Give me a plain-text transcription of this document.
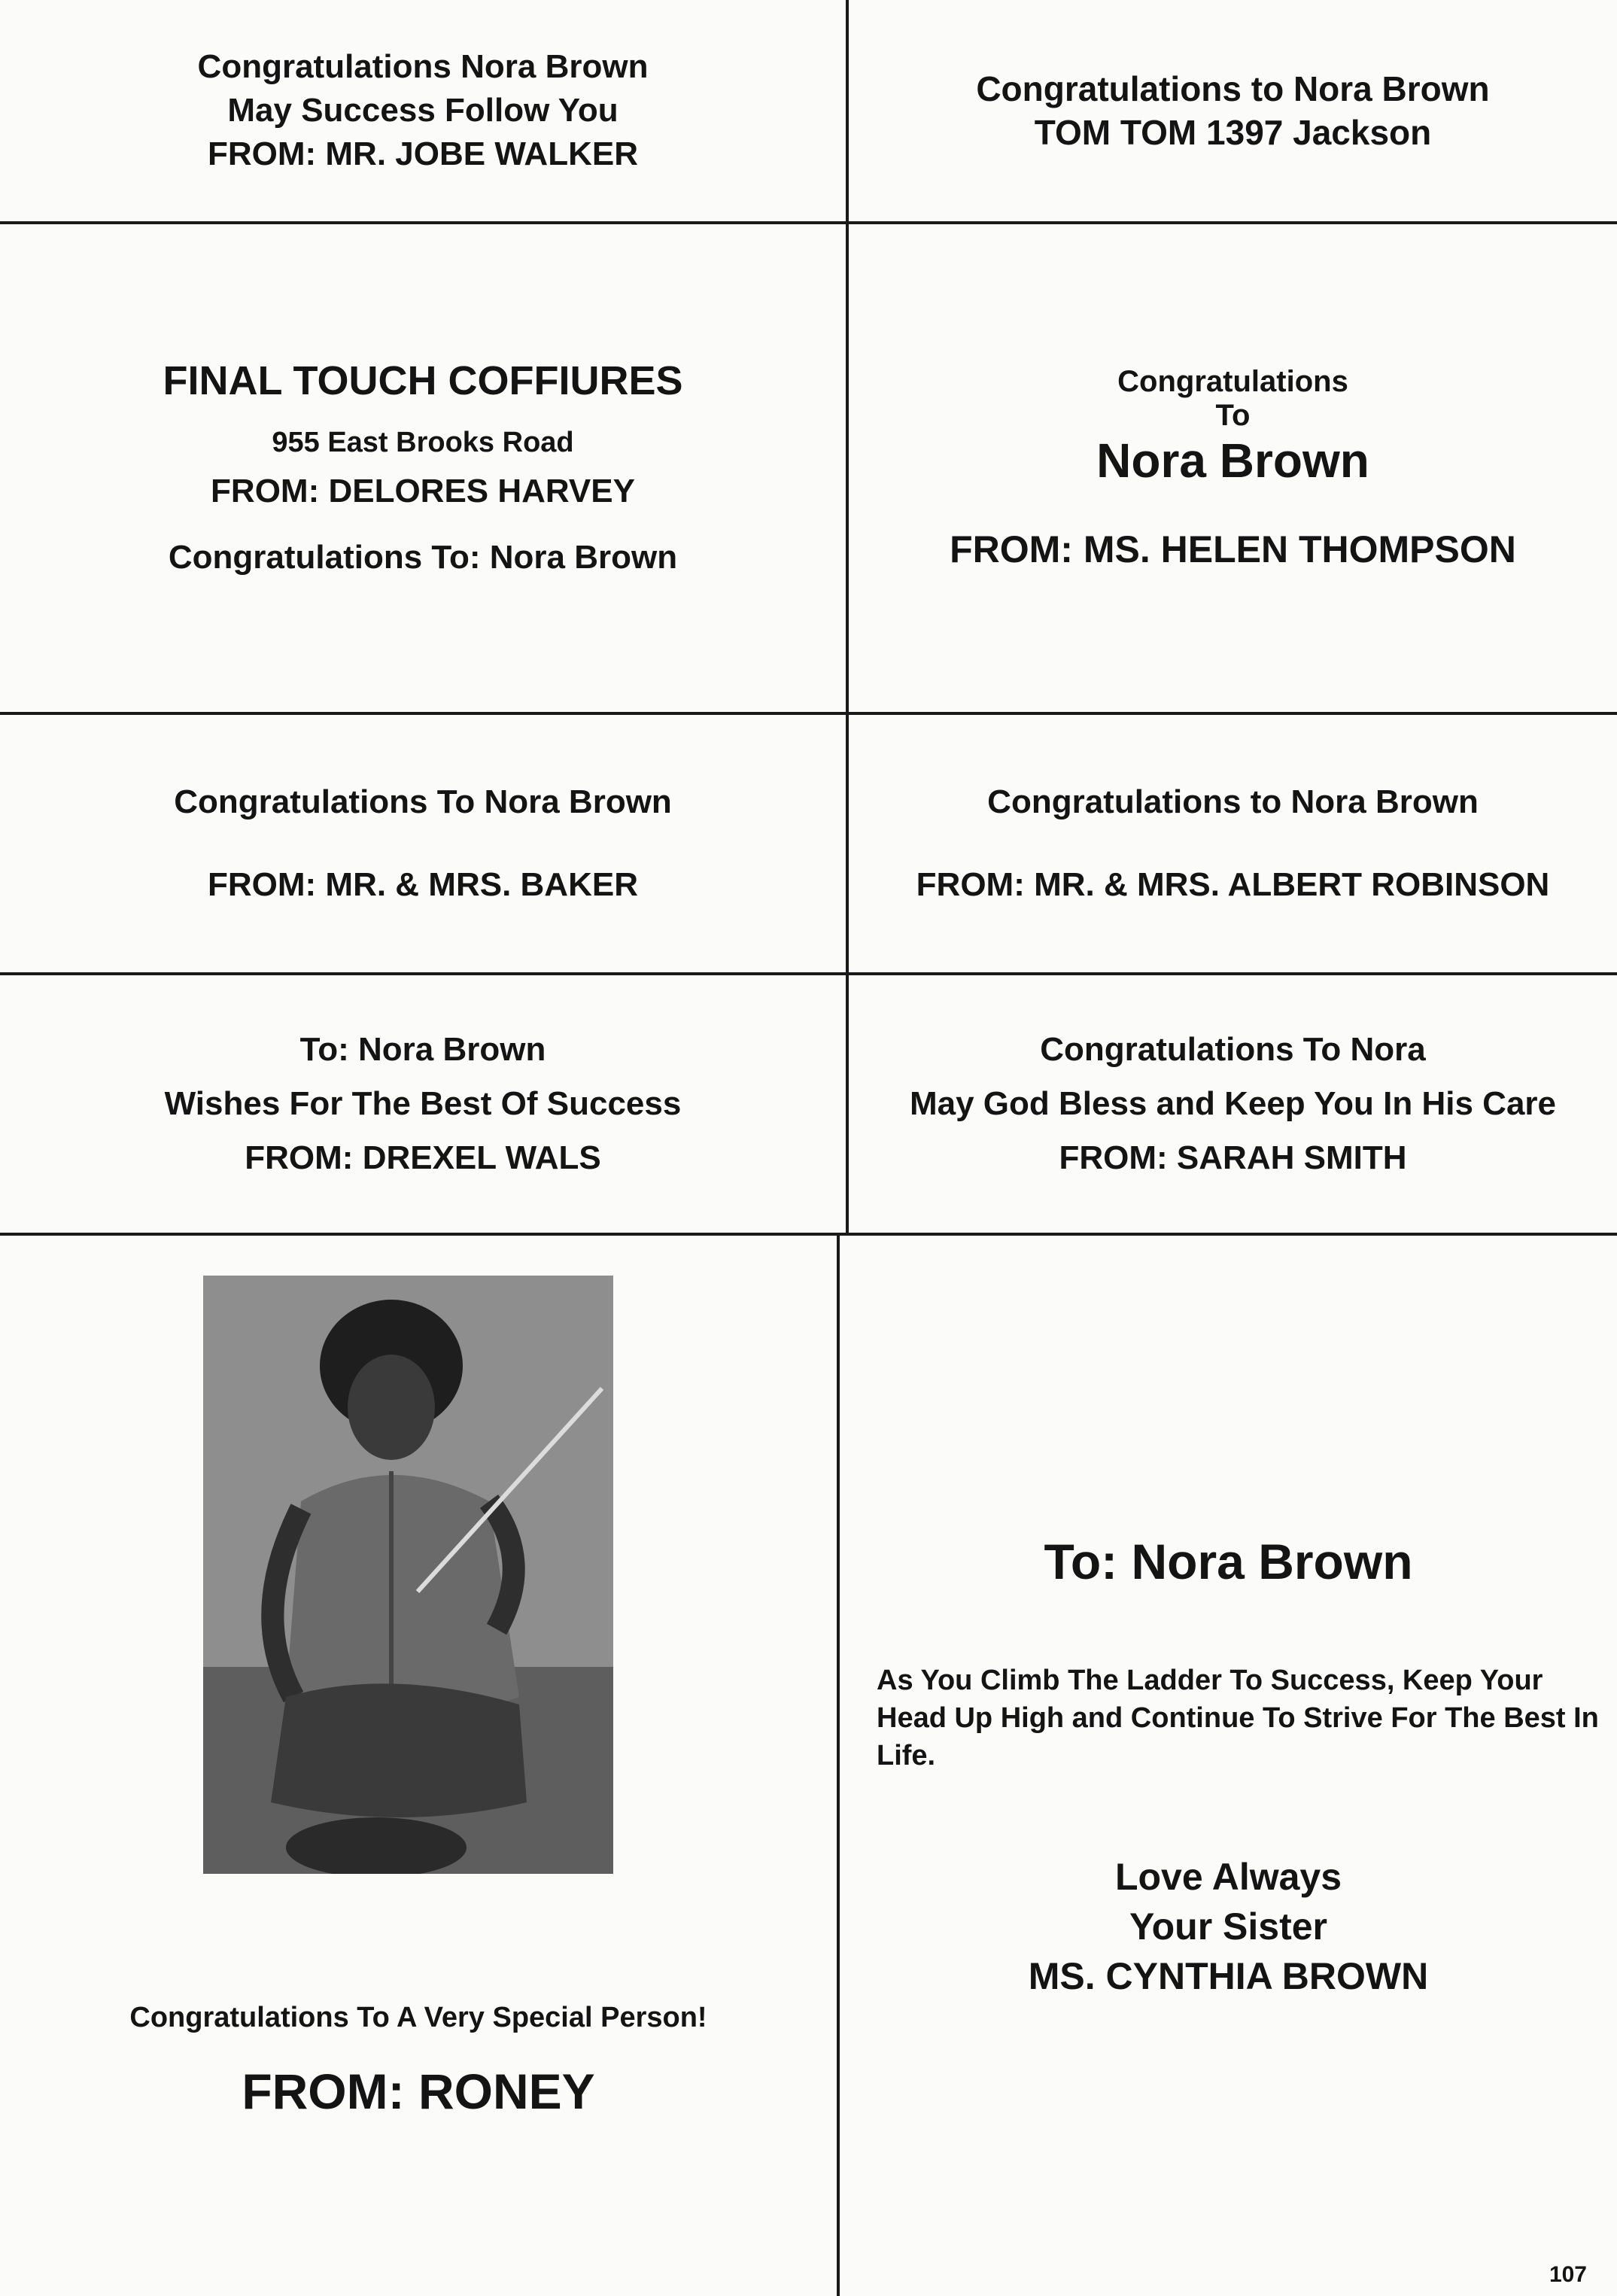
Congratulations Nora Brown
May Success Follow You
FROM: MR. JOBE WALKER
Congratulations to Nora Brown
TOM TOM 1397 Jackson
FINAL TOUCH COFFIURES
955 East Brooks Road
FROM: DELORES HARVEY
Congratulations To: Nora Brown
Congratulations
To
Nora Brown
FROM: MS. HELEN THOMPSON
Congratulations To Nora Brown
FROM: MR. & MRS. BAKER
Congratulations to Nora Brown
FROM: MR. & MRS. ALBERT ROBINSON
To: Nora Brown
Wishes For The Best Of Success
FROM: DREXEL WALS
Congratulations To Nora
May God Bless and Keep You In His Care
FROM: SARAH SMITH
Congratulations To A Very Special Person!
FROM: RONEY
To: Nora Brown
As You Climb The Ladder To Success, Keep Your Head Up High and Continue To Strive For The Best In Life.
Love Always
Your Sister
MS. CYNTHIA BROWN
107
